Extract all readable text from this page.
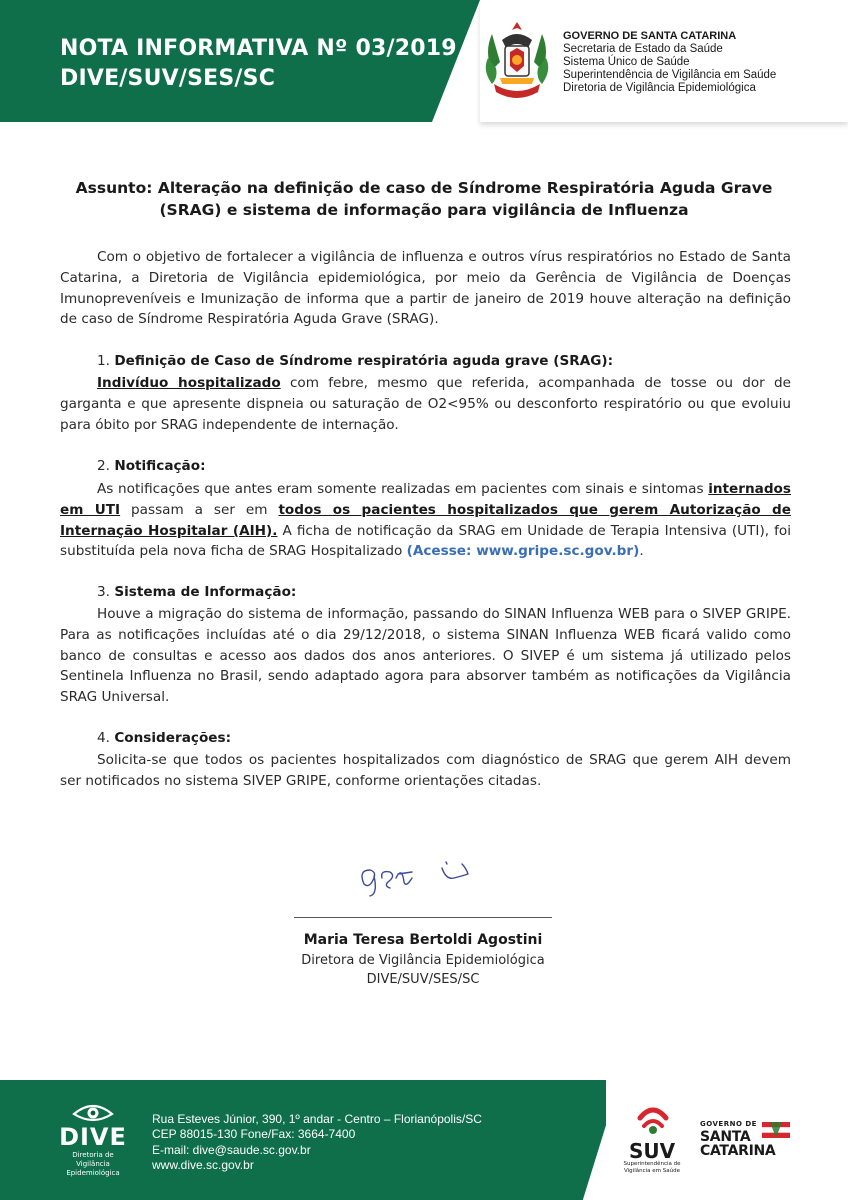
NOTA INFORMATIVA Nº 03/2019
DIVE/SUV/SES/SC
GOVERNO DE SANTA CATARINA
Secretaria de Estado da Saúde
Sistema Único de Saúde
Superintendência de Vigilância em Saúde
Diretoria de Vigilância Epidemiológica
Assunto: Alteração na definição de caso de Síndrome Respiratória Aguda Grave
(SRAG) e sistema de informação para vigilância de Influenza

Com o objetivo de fortalecer a vigilância de influenza e outros vírus respiratórios no Estado de Santa Catarina, a Diretoria de Vigilância epidemiológica, por meio da Gerência de Vigilância de Doenças Imunopreveníveis e Imunização de informa que a partir de janeiro de 2019 houve alteração na definição de caso de Síndrome Respiratória Aguda Grave (SRAG).

1. Definição de Caso de Síndrome respiratória aguda grave (SRAG):

Indivíduo hospitalizado com febre, mesmo que referida, acompanhada de tosse ou dor de garganta e que apresente dispneia ou saturação de O2<95% ou desconforto respiratório ou que evoluiu para óbito por SRAG independente de internação.

2. Notificação:

As notificações que antes eram somente realizadas em pacientes com sinais e sintomas internados em UTI passam a ser em todos os pacientes hospitalizados que gerem Autorização de Internação Hospitalar (AIH). A ficha de notificação da SRAG em Unidade de Terapia Intensiva (UTI), foi substituída pela nova ficha de SRAG Hospitalizado (Acesse: www.gripe.sc.gov.br).

3. Sistema de Informação:

Houve a migração do sistema de informação, passando do SINAN Influenza WEB para o SIVEP GRIPE. Para as notificações incluídas até o dia 29/12/2018, o sistema SINAN Influenza WEB ficará valido como banco de consultas e acesso aos dados dos anos anteriores. O SIVEP é um sistema já utilizado pelos Sentinela Influenza no Brasil, sendo adaptado agora para absorver também as notificações da Vigilância SRAG Universal.

4. Considerações:

Solicita-se que todos os pacientes hospitalizados com diagnóstico de SRAG que gerem AIH devem ser notificados no sistema SIVEP GRIPE, conforme orientações citadas.

Maria Teresa Bertoldi Agostini
Diretora de Vigilância Epidemiológica
DIVE/SUV/SES/SC
DIVE
Diretoria de Vigilância
Epidemiológica
Rua Esteves Júnior, 390, 1º andar - Centro – Florianópolis/SC
CEP 88015-130 Fone/Fax: 3664-7400
E-mail: dive@saude.sc.gov.br
www.dive.sc.gov.br
SUV
Superintendência de
Vigilância em Saúde
GOVERNO DE
SANTA
CATARINA
